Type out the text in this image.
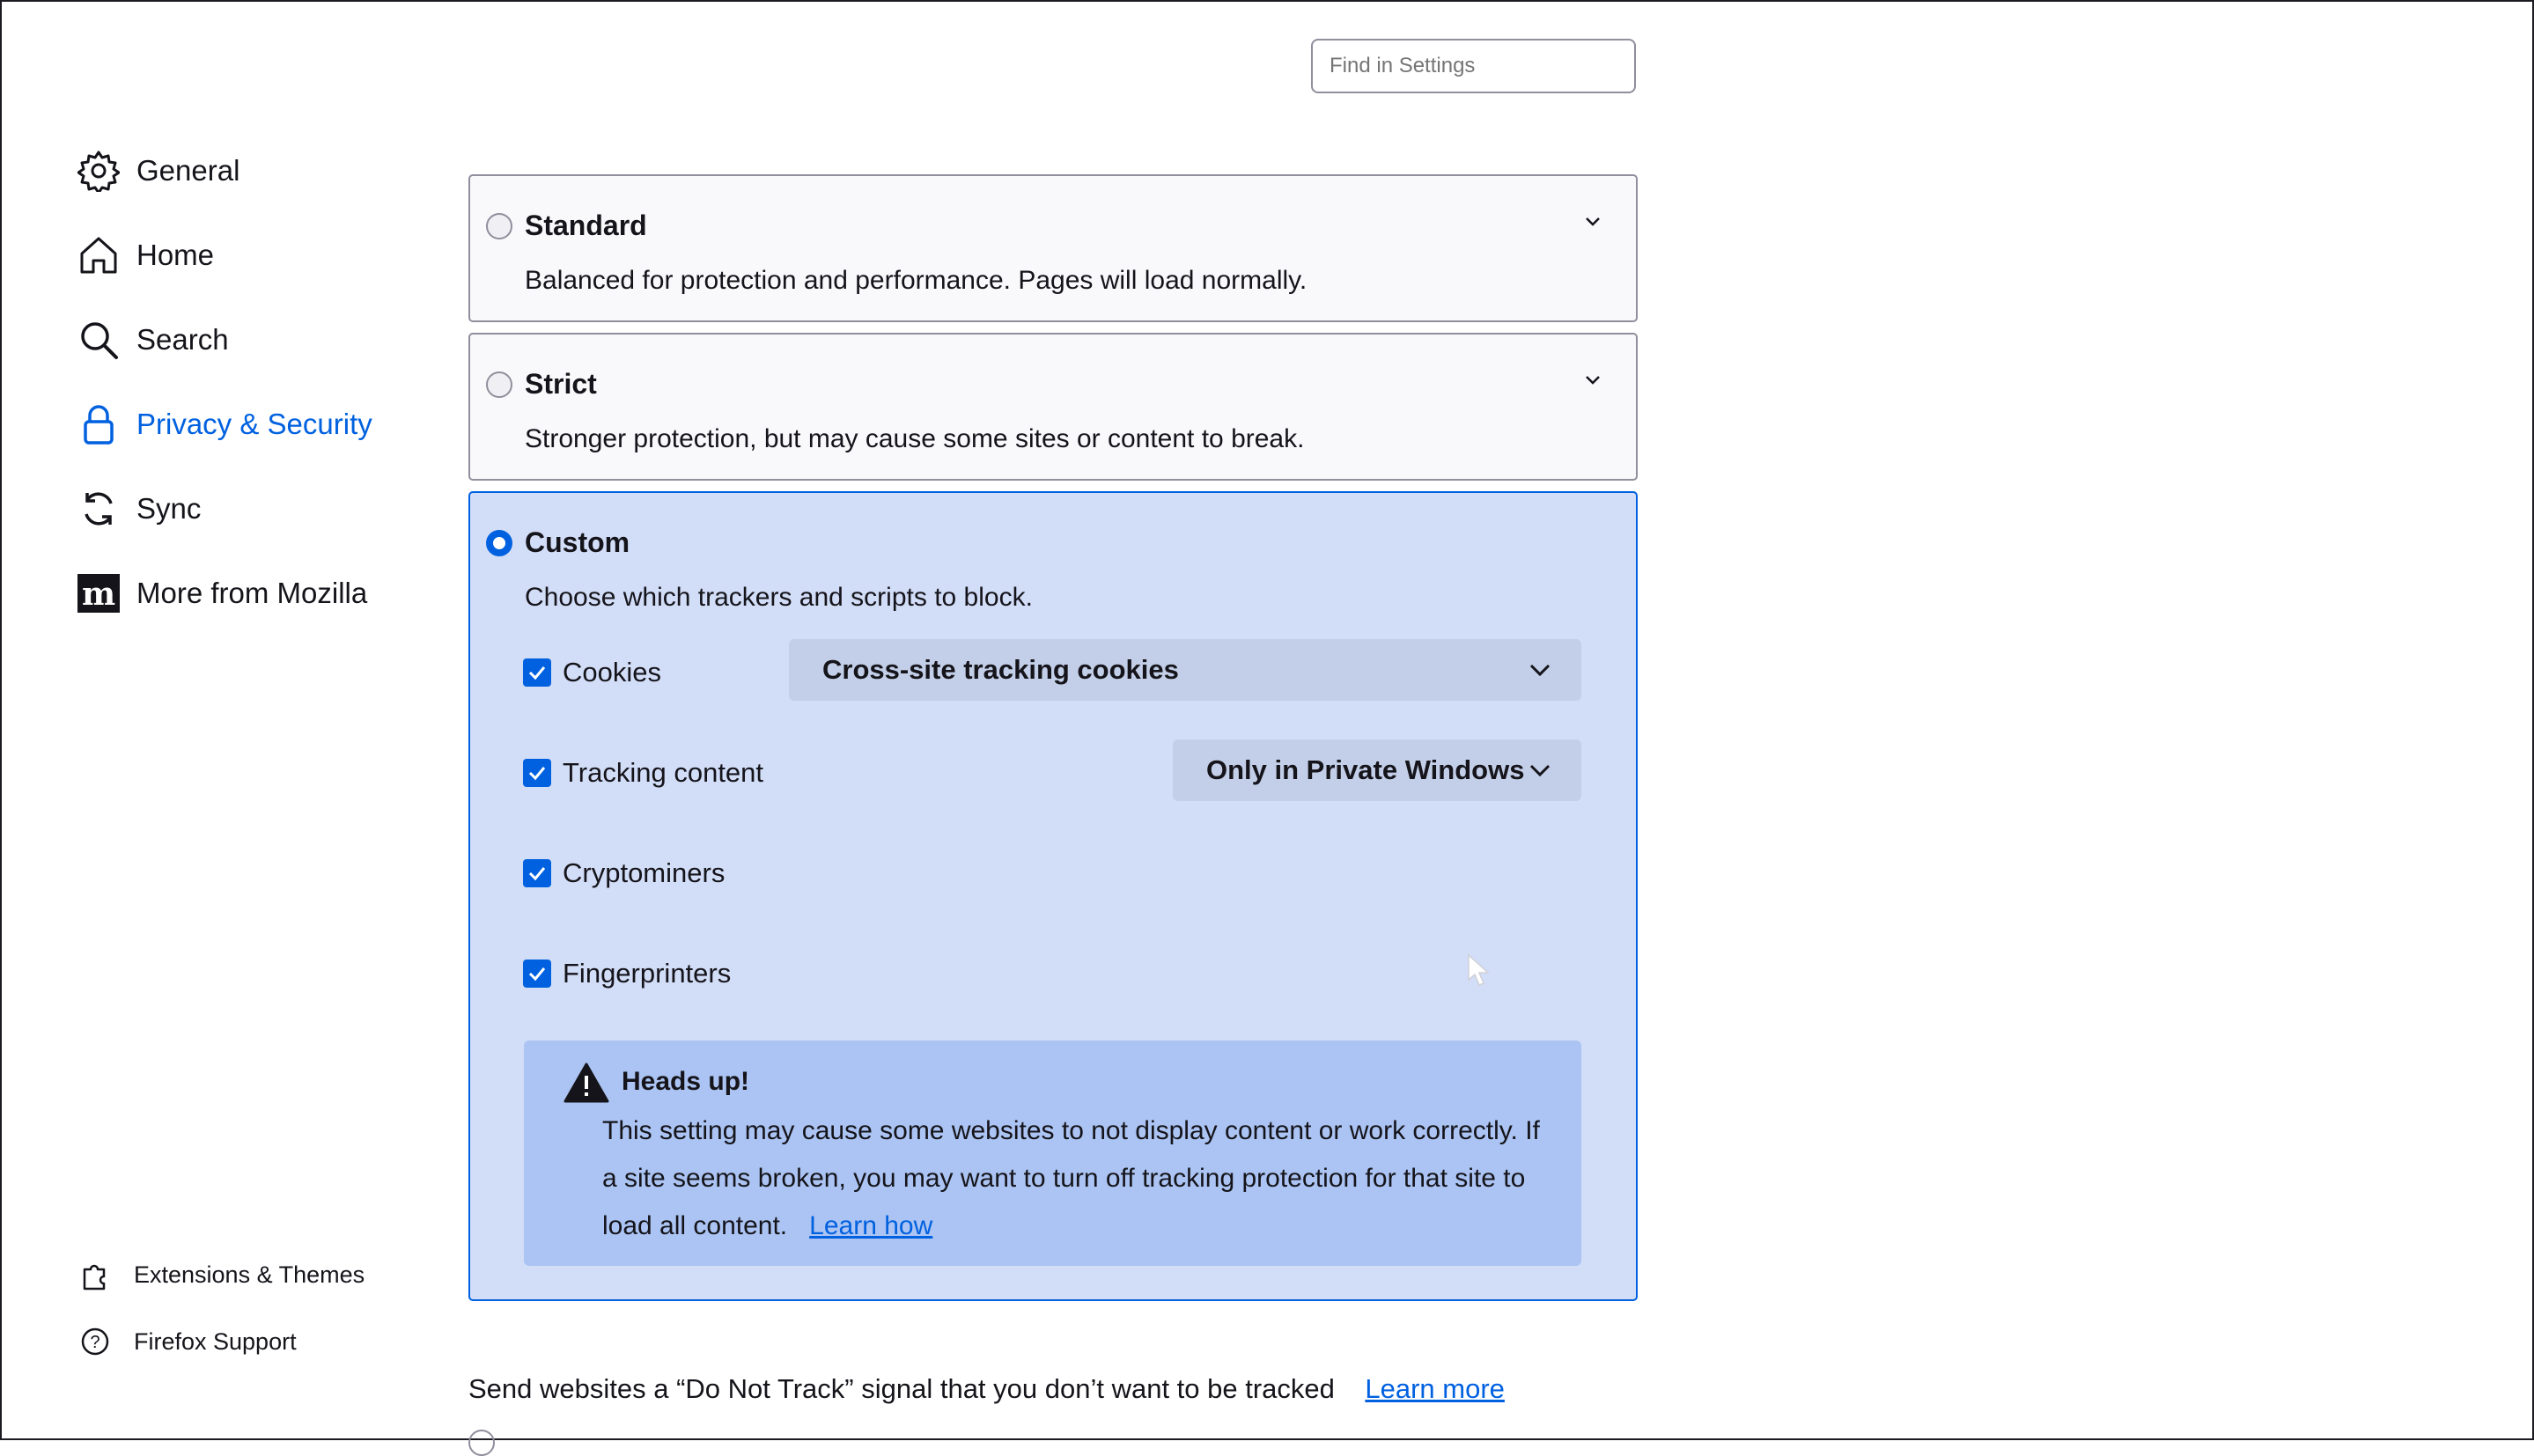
Find in Settings
General
Home
Search
Privacy & Security
Sync
m More from Mozilla
Extensions & Themes
? Firefox Support
Standard
Balanced for protection and performance. Pages will load normally.
Strict
Stronger protection, but may cause some sites or content to break.
Custom
Choose which trackers and scripts to block.
Cookies	Cross-site tracking cookies
Tracking content	Only in Private Windows
Cryptominers
Fingerprinters
Heads up!
This setting may cause some websites to not display content or work correctly. If a site seems broken, you may want to turn off tracking protection for that site to load all content. Learn how
Send websites a “Do Not Track” signal that you don’t want to be tracked Learn more
